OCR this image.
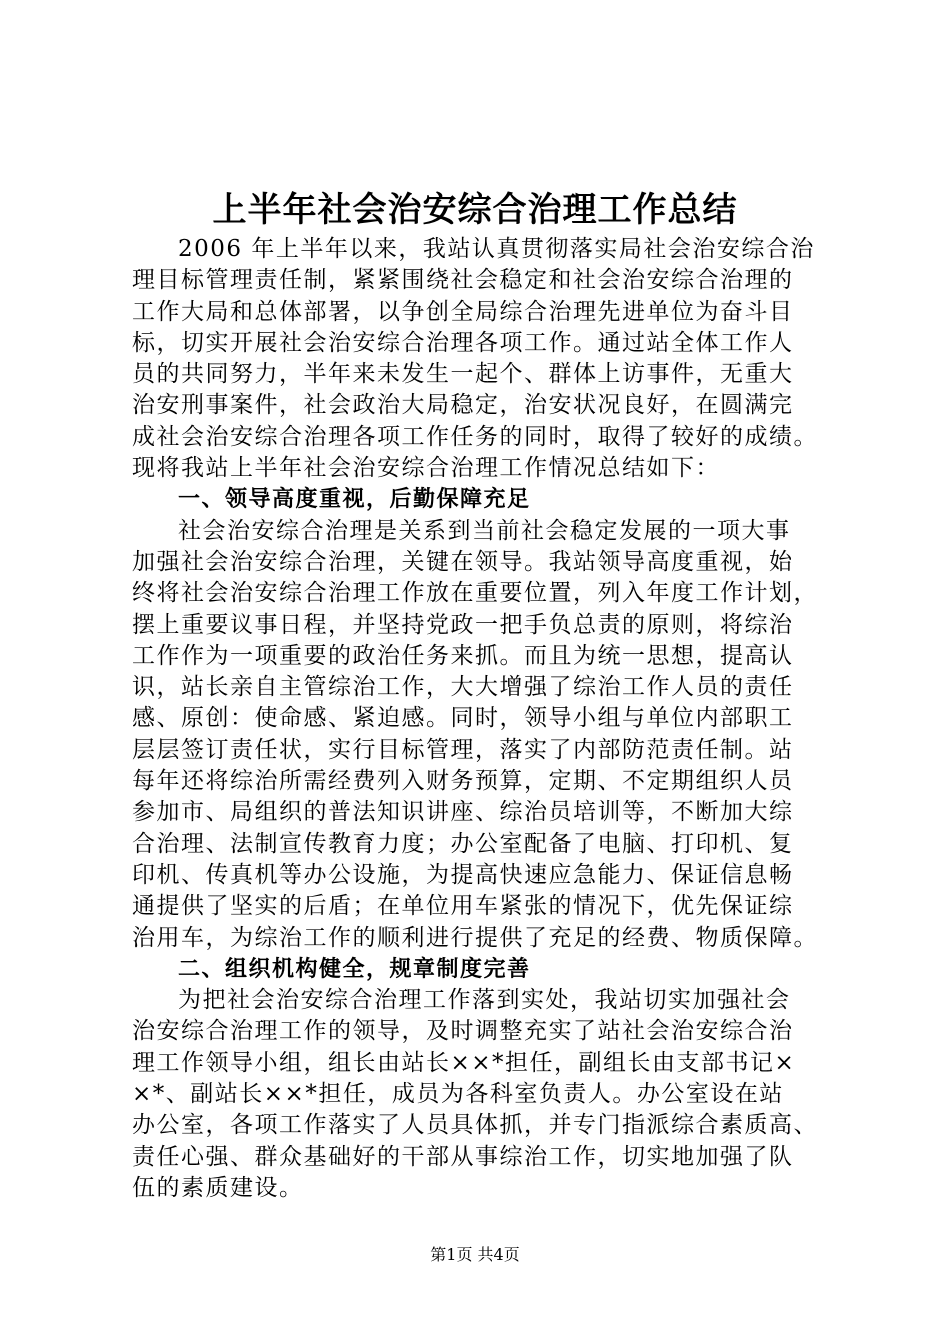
上半年社会治安综合治理工作总结
2006 年上半年以来，我站认真贯彻落实局社会治安综合治
理目标管理责任制，紧紧围绕社会稳定和社会治安综合治理的
工作大局和总体部署，以争创全局综合治理先进单位为奋斗目
标，切实开展社会治安综合治理各项工作。通过站全体工作人
员的共同努力，半年来未发生一起个、群体上访事件，无重大
治安刑事案件，社会政治大局稳定，治安状况良好，在圆满完
成社会治安综合治理各项工作任务的同时，取得了较好的成绩。
现将我站上半年社会治安综合治理工作情况总结如下：
一、领导高度重视，后勤保障充足
社会治安综合治理是关系到当前社会稳定发展的一项大事
加强社会治安综合治理，关键在领导。我站领导高度重视，始
终将社会治安综合治理工作放在重要位置，列入年度工作计划，
摆上重要议事日程，并坚持党政一把手负总责的原则，将综治
工作作为一项重要的政治任务来抓。而且为统一思想，提高认
识，站长亲自主管综治工作，大大增强了综治工作人员的责任
感、原创：使命感、紧迫感。同时，领导小组与单位内部职工
层层签订责任状，实行目标管理，落实了内部防范责任制。站
每年还将综治所需经费列入财务预算，定期、不定期组织人员
参加市、局组织的普法知识讲座、综治员培训等，不断加大综
合治理、法制宣传教育力度；办公室配备了电脑、打印机、复
印机、传真机等办公设施，为提高快速应急能力、保证信息畅
通提供了坚实的后盾；在单位用车紧张的情况下，优先保证综
治用车，为综治工作的顺利进行提供了充足的经费、物质保障。
二、组织机构健全，规章制度完善
为把社会治安综合治理工作落到实处，我站切实加强社会
治安综合治理工作的领导，及时调整充实了站社会治安综合治
理工作领导小组，组长由站长××*担任，副组长由支部书记×
×*、副站长××*担任，成员为各科室负责人。办公室设在站
办公室，各项工作落实了人员具体抓，并专门指派综合素质高、
责任心强、群众基础好的干部从事综治工作，切实地加强了队
伍的素质建设。
第1页 共4页
